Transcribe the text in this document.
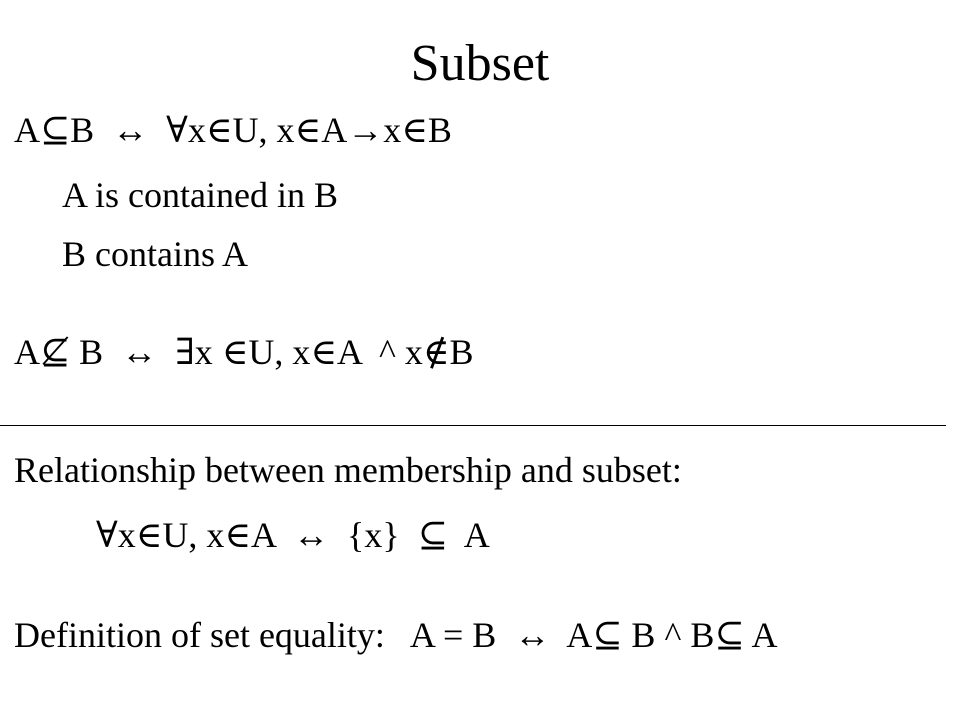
Subset
A⊆B  ↔  ∀x∈U, x∈A→x∈B
A is contained in B
B contains A
A⊈ B  ↔  ∃x ∈U, x∈A  ^ x∉B
Relationship between membership and subset:
∀x∈U, x∈A  ↔  {x}  ⊆  A
Definition of set equality:   A = B  ↔  A⊆ B ^ B⊆ A
